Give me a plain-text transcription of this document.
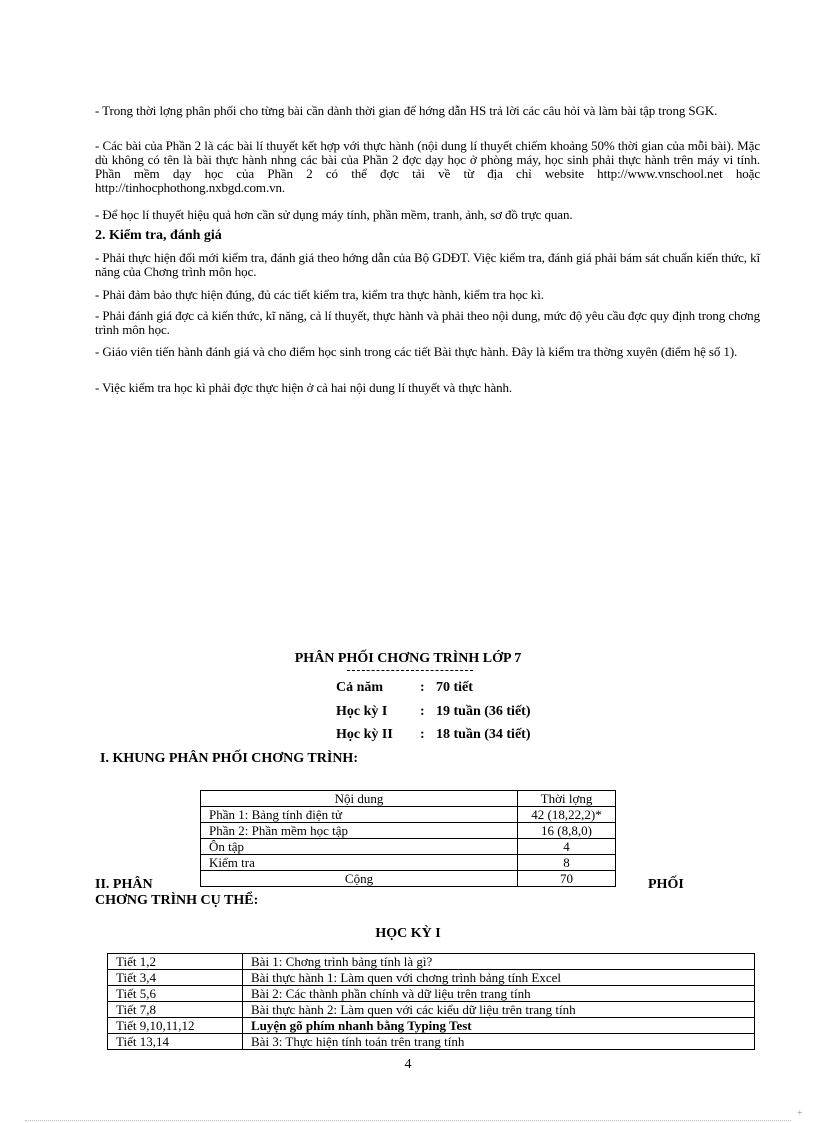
- Trong thời lợng phân phối cho từng bài cần dành thời gian để hớng dẫn HS trả lời các câu hỏi và làm bài tập trong SGK.
- Các bài của Phần 2 là các bài lí thuyết kết hợp với thực hành (nội dung lí thuyết chiếm khoảng 50% thời gian của mỗi bài). Mặc dù không có tên là bài thực hành nhng các bài của Phần 2 đợc dạy học ở phòng máy, học sinh phải thực hành trên máy vi tính. Phần mềm dạy học của Phần 2 có thể đợc tải về từ địa chỉ website http://www.vnschool.net hoặc http://tinhocphothong.nxbgd.com.vn.
- Để học lí thuyết hiệu quả hơn cần sử dụng máy tính, phần mềm, tranh, ảnh, sơ đồ trực quan.
2. Kiểm tra, đánh giá
- Phải thực hiện đổi mới kiểm tra, đánh giá theo hớng dẫn của Bộ GDĐT. Việc kiểm tra, đánh giá phải bám sát chuẩn kiến thức, kĩ năng của Chơng trình môn học.
- Phải đảm bảo thực hiện đúng, đủ các tiết kiểm tra, kiểm tra thực hành, kiểm tra học kì.
- Phải đánh giá đợc cả kiến thức, kĩ năng, cả lí thuyết, thực hành và phải theo nội dung, mức độ yêu cầu đợc quy định trong chơng trình môn học.
- Giáo viên tiến hành đánh giá và cho điểm học sinh trong các tiết Bài thực hành. Đây là kiểm tra thờng xuyên (điểm hệ số 1).
- Việc kiểm tra học kì phải đợc thực hiện ở cả hai nội dung lí thuyết và thực hành.
PHÂN PHỐI CHƠNG TRÌNH LỚP 7
Cả năm	: 70 tiết
Học kỳ I : 19 tuần (36 tiết)
Học kỳ II : 18 tuần (34 tiết)
I. KHUNG PHÂN PHỐI CHƠNG TRÌNH:
Nội dung	Thời lợng
Phần 1: Bảng tính điện tử	42 (18,22,2)*
Phần 2: Phần mềm học tập	16 (8,8,0)
Ôn tập	4
Kiểm tra	8
Cộng	70
II. PHÂN
CHƠNG TRÌNH CỤ THỂ:
PHỐI
HỌC KỲ I
Tiết 1,2	Bài 1: Chơng trình bảng tính là gì?
Tiết 3,4	Bài thực hành 1: Làm quen với chơng trình bảng tính Excel
Tiết 5,6	Bài 2: Các thành phần chính và dữ liệu trên trang tính
Tiết 7,8	Bài thực hành 2: Làm quen với các kiểu dữ liệu trên trang tính
Tiết 9,10,11,12	Luyện gõ phím nhanh bằng Typing Test
Tiết 13,14	Bài 3: Thực hiện tính toán trên trang tính
4
+
